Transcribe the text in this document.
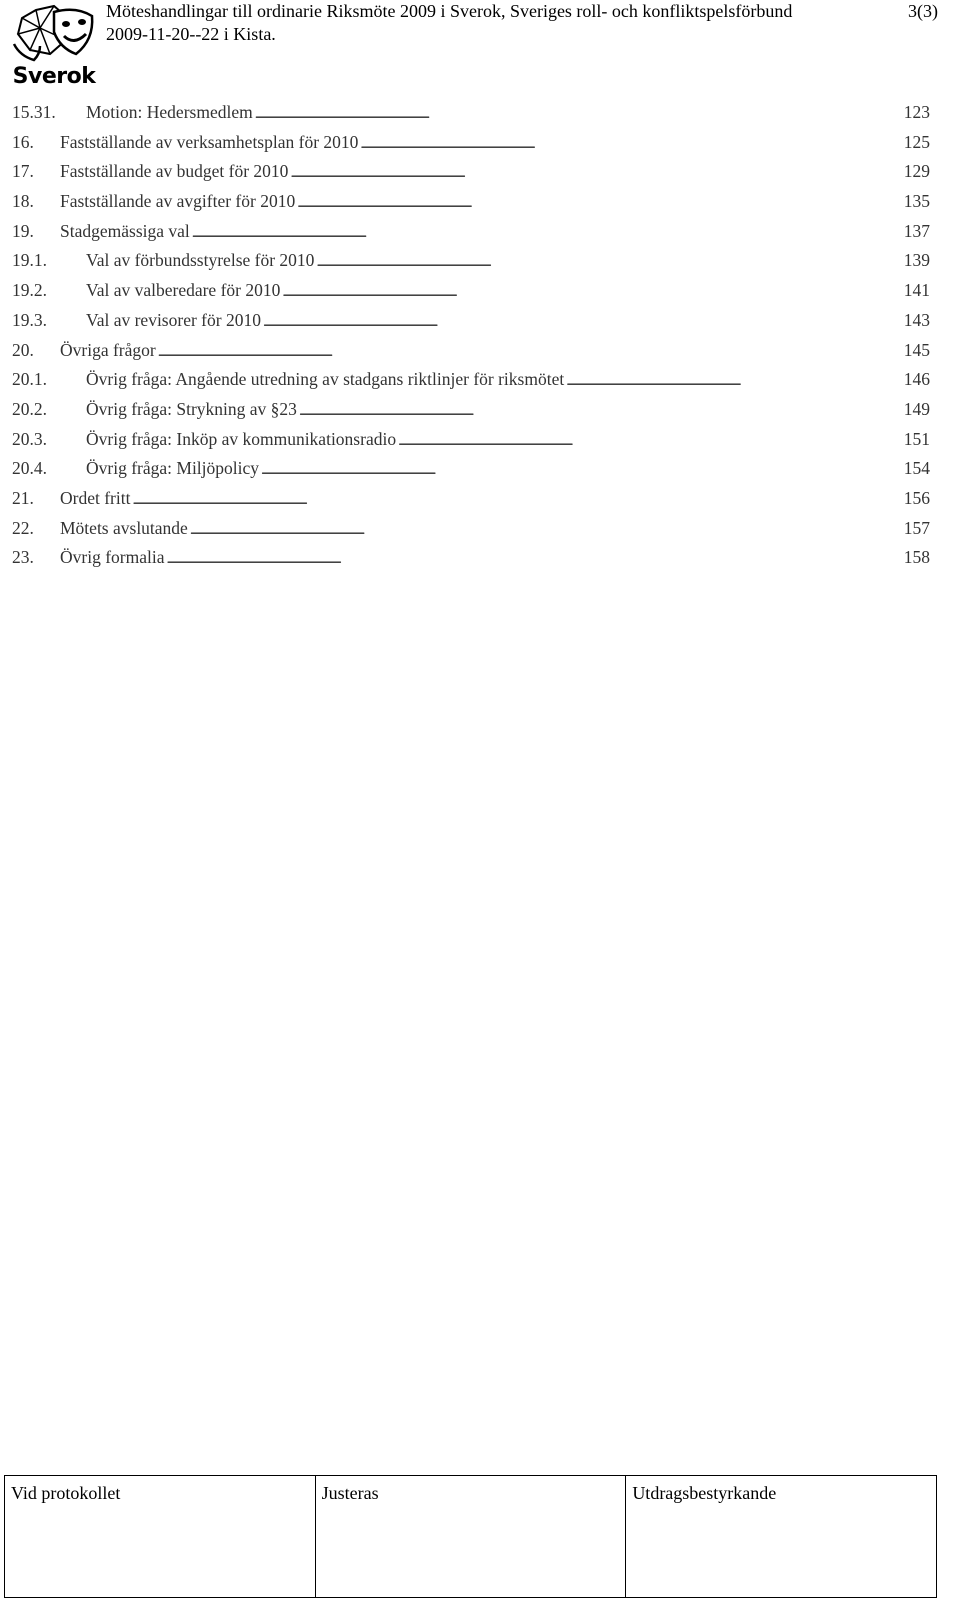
Sverok
Möteshandlingar till ordinarie Riksmöte 2009 i Sverok, Sveriges roll- och konfliktspelsförbund
2009-11-20--22 i Kista.
3(3)
15.31.	Motion: Hedersmedlem . . .	123
16.	Fastställande av verksamhetsplan för 2010 . . .	125
17.	Fastställande av budget för 2010 . . .	129
18.	Fastställande av avgifter för 2010 . . .	135
19.	Stadgemässiga val . . .	137
19.1.	Val av förbundsstyrelse för 2010 . . .	139
19.2.	Val av valberedare för 2010 . . .	141
19.3.	Val av revisorer för 2010 . . .	143
20.	Övriga frågor . . .	145
20.1.	Övrig fråga: Angående utredning av stadgans riktlinjer för riksmötet . . .	146
20.2.	Övrig fråga: Strykning av §23 . . .	149
20.3.	Övrig fråga: Inköp av kommunikationsradio . . .	151
20.4.	Övrig fråga: Miljöpolicy . . .	154
21.	Ordet fritt . . .	156
22.	Mötets avslutande . . .	157
23.	Övrig formalia . . .	158
Vid protokollet	Justeras	Utdragsbestyrkande
